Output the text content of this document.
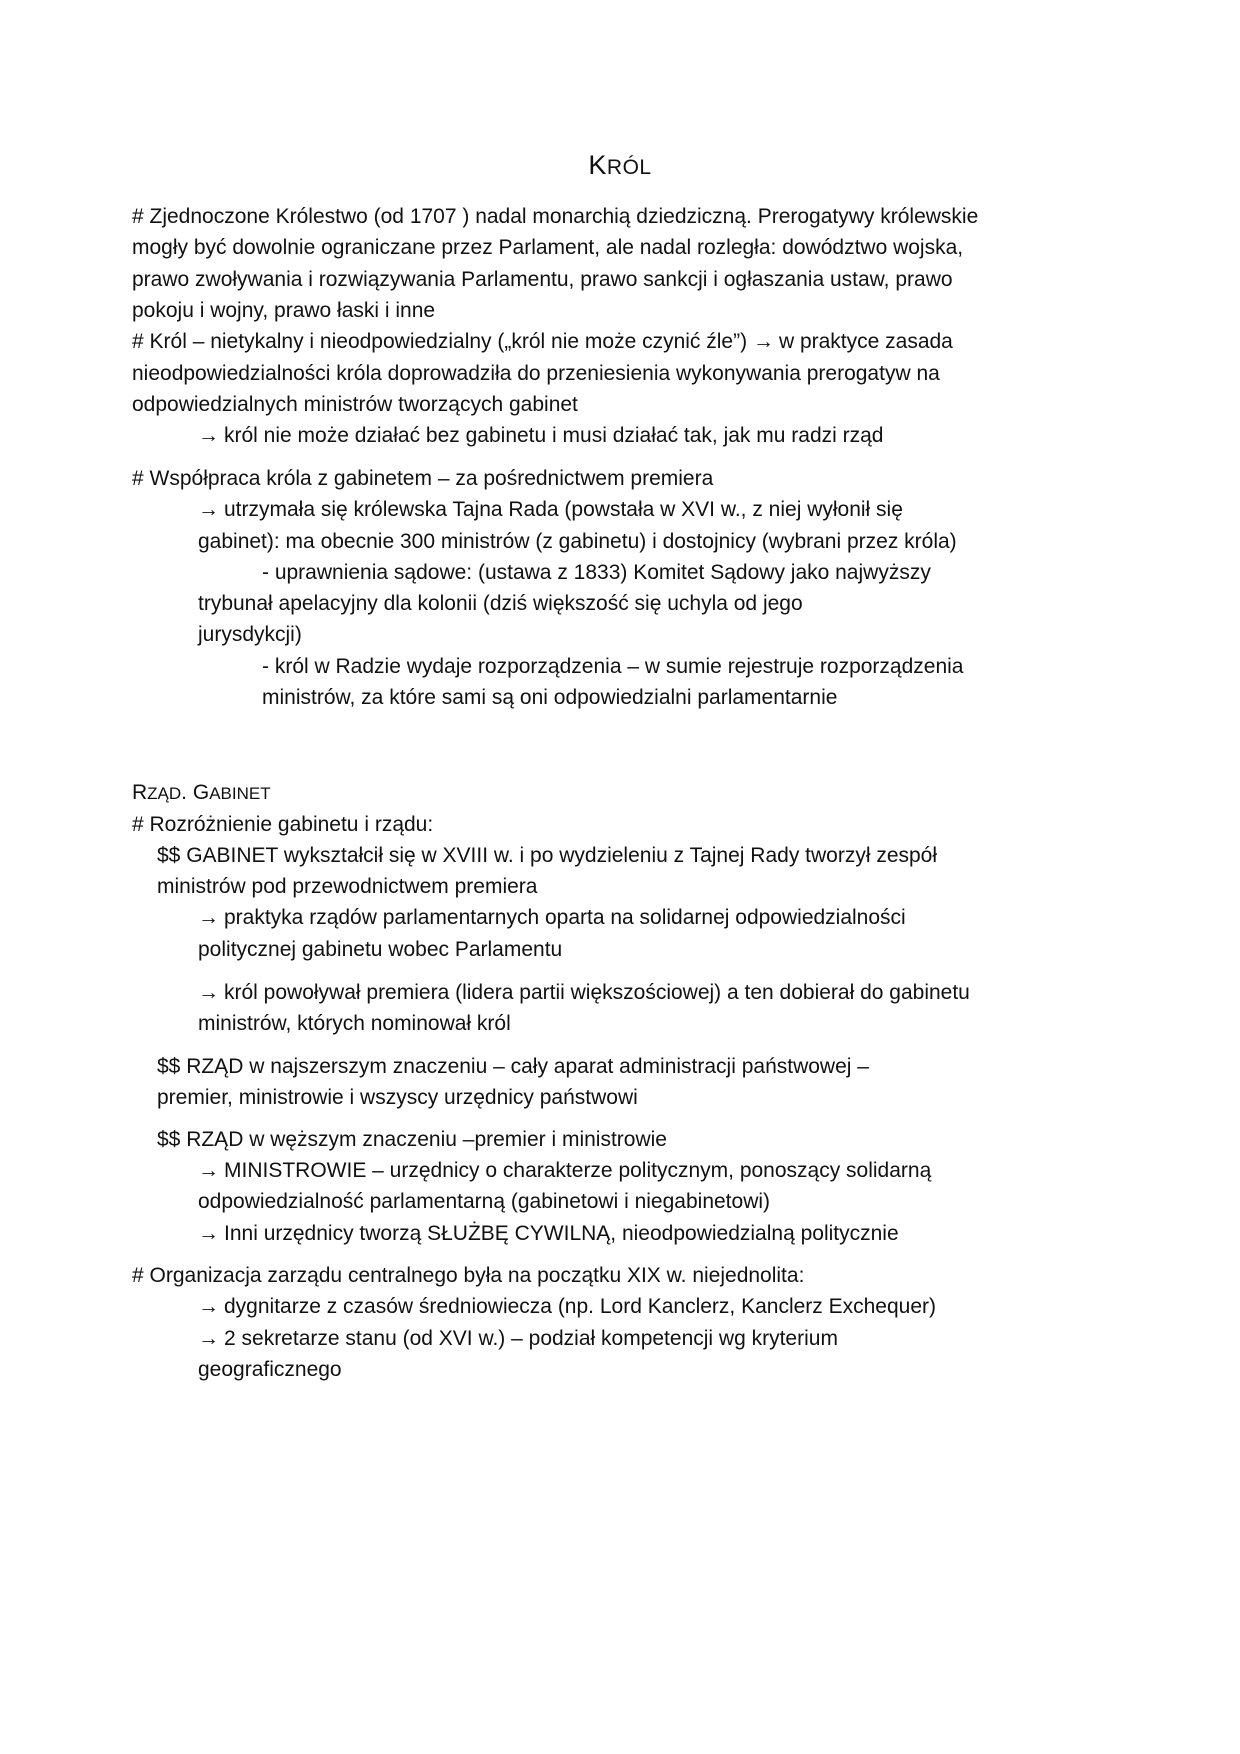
KRÓL
# Zjednoczone Królestwo (od 1707 ) nadal monarchią dziedziczną. Prerogatywy królewskie
mogły być dowolnie ograniczane przez Parlament, ale nadal rozległa: dowództwo wojska,
prawo zwoływania i rozwiązywania Parlamentu, prawo sankcji i ogłaszania ustaw, prawo
pokoju i wojny, prawo łaski i inne
# Król – nietykalny i nieodpowiedzialny („król nie może czynić źle”) → w praktyce zasada
nieodpowiedzialności króla doprowadziła do przeniesienia wykonywania prerogatyw na
odpowiedzialnych ministrów tworzących gabinet
→ król nie może działać bez gabinetu i musi działać tak, jak mu radzi rząd
# Współpraca króla z gabinetem – za pośrednictwem premiera
→ utrzymała się królewska Tajna Rada (powstała w XVI w., z niej wyłonił się
gabinet): ma obecnie 300 ministrów (z gabinetu) i dostojnicy (wybrani przez króla)
- uprawnienia sądowe: (ustawa z 1833) Komitet Sądowy jako najwyższy
trybunał apelacyjny dla kolonii (dziś większość się uchyla od jego
jurysdykcji)
- król w Radzie wydaje rozporządzenia – w sumie rejestruje rozporządzenia
ministrów, za które sami są oni odpowiedzialni parlamentarnie
RZĄD. GABINET
# Rozróżnienie gabinetu i rządu:
$$ GABINET wykształcił się w XVIII w. i po wydzieleniu z Tajnej Rady tworzył zespół
ministrów pod przewodnictwem premiera
→ praktyka rządów parlamentarnych oparta na solidarnej odpowiedzialności
politycznej gabinetu wobec Parlamentu
→ król powoływał premiera (lidera partii większościowej) a ten dobierał do gabinetu
ministrów, których nominował król
$$ RZĄD w najszerszym znaczeniu – cały aparat administracji państwowej –
premier, ministrowie i wszyscy urzędnicy państwowi
$$ RZĄD w węższym znaczeniu –premier i ministrowie
→ MINISTROWIE – urzędnicy o charakterze politycznym, ponoszący solidarną
odpowiedzialność parlamentarną (gabinetowi i niegabinetowi)
→ Inni urzędnicy tworzą SŁUŻBĘ CYWILNĄ, nieodpowiedzialną politycznie
# Organizacja zarządu centralnego była na początku XIX w. niejednolita:
→ dygnitarze z czasów średniowiecza (np. Lord Kanclerz, Kanclerz Exchequer)
→ 2 sekretarze stanu (od XVI w.) – podział kompetencji wg kryterium
geograficznego
